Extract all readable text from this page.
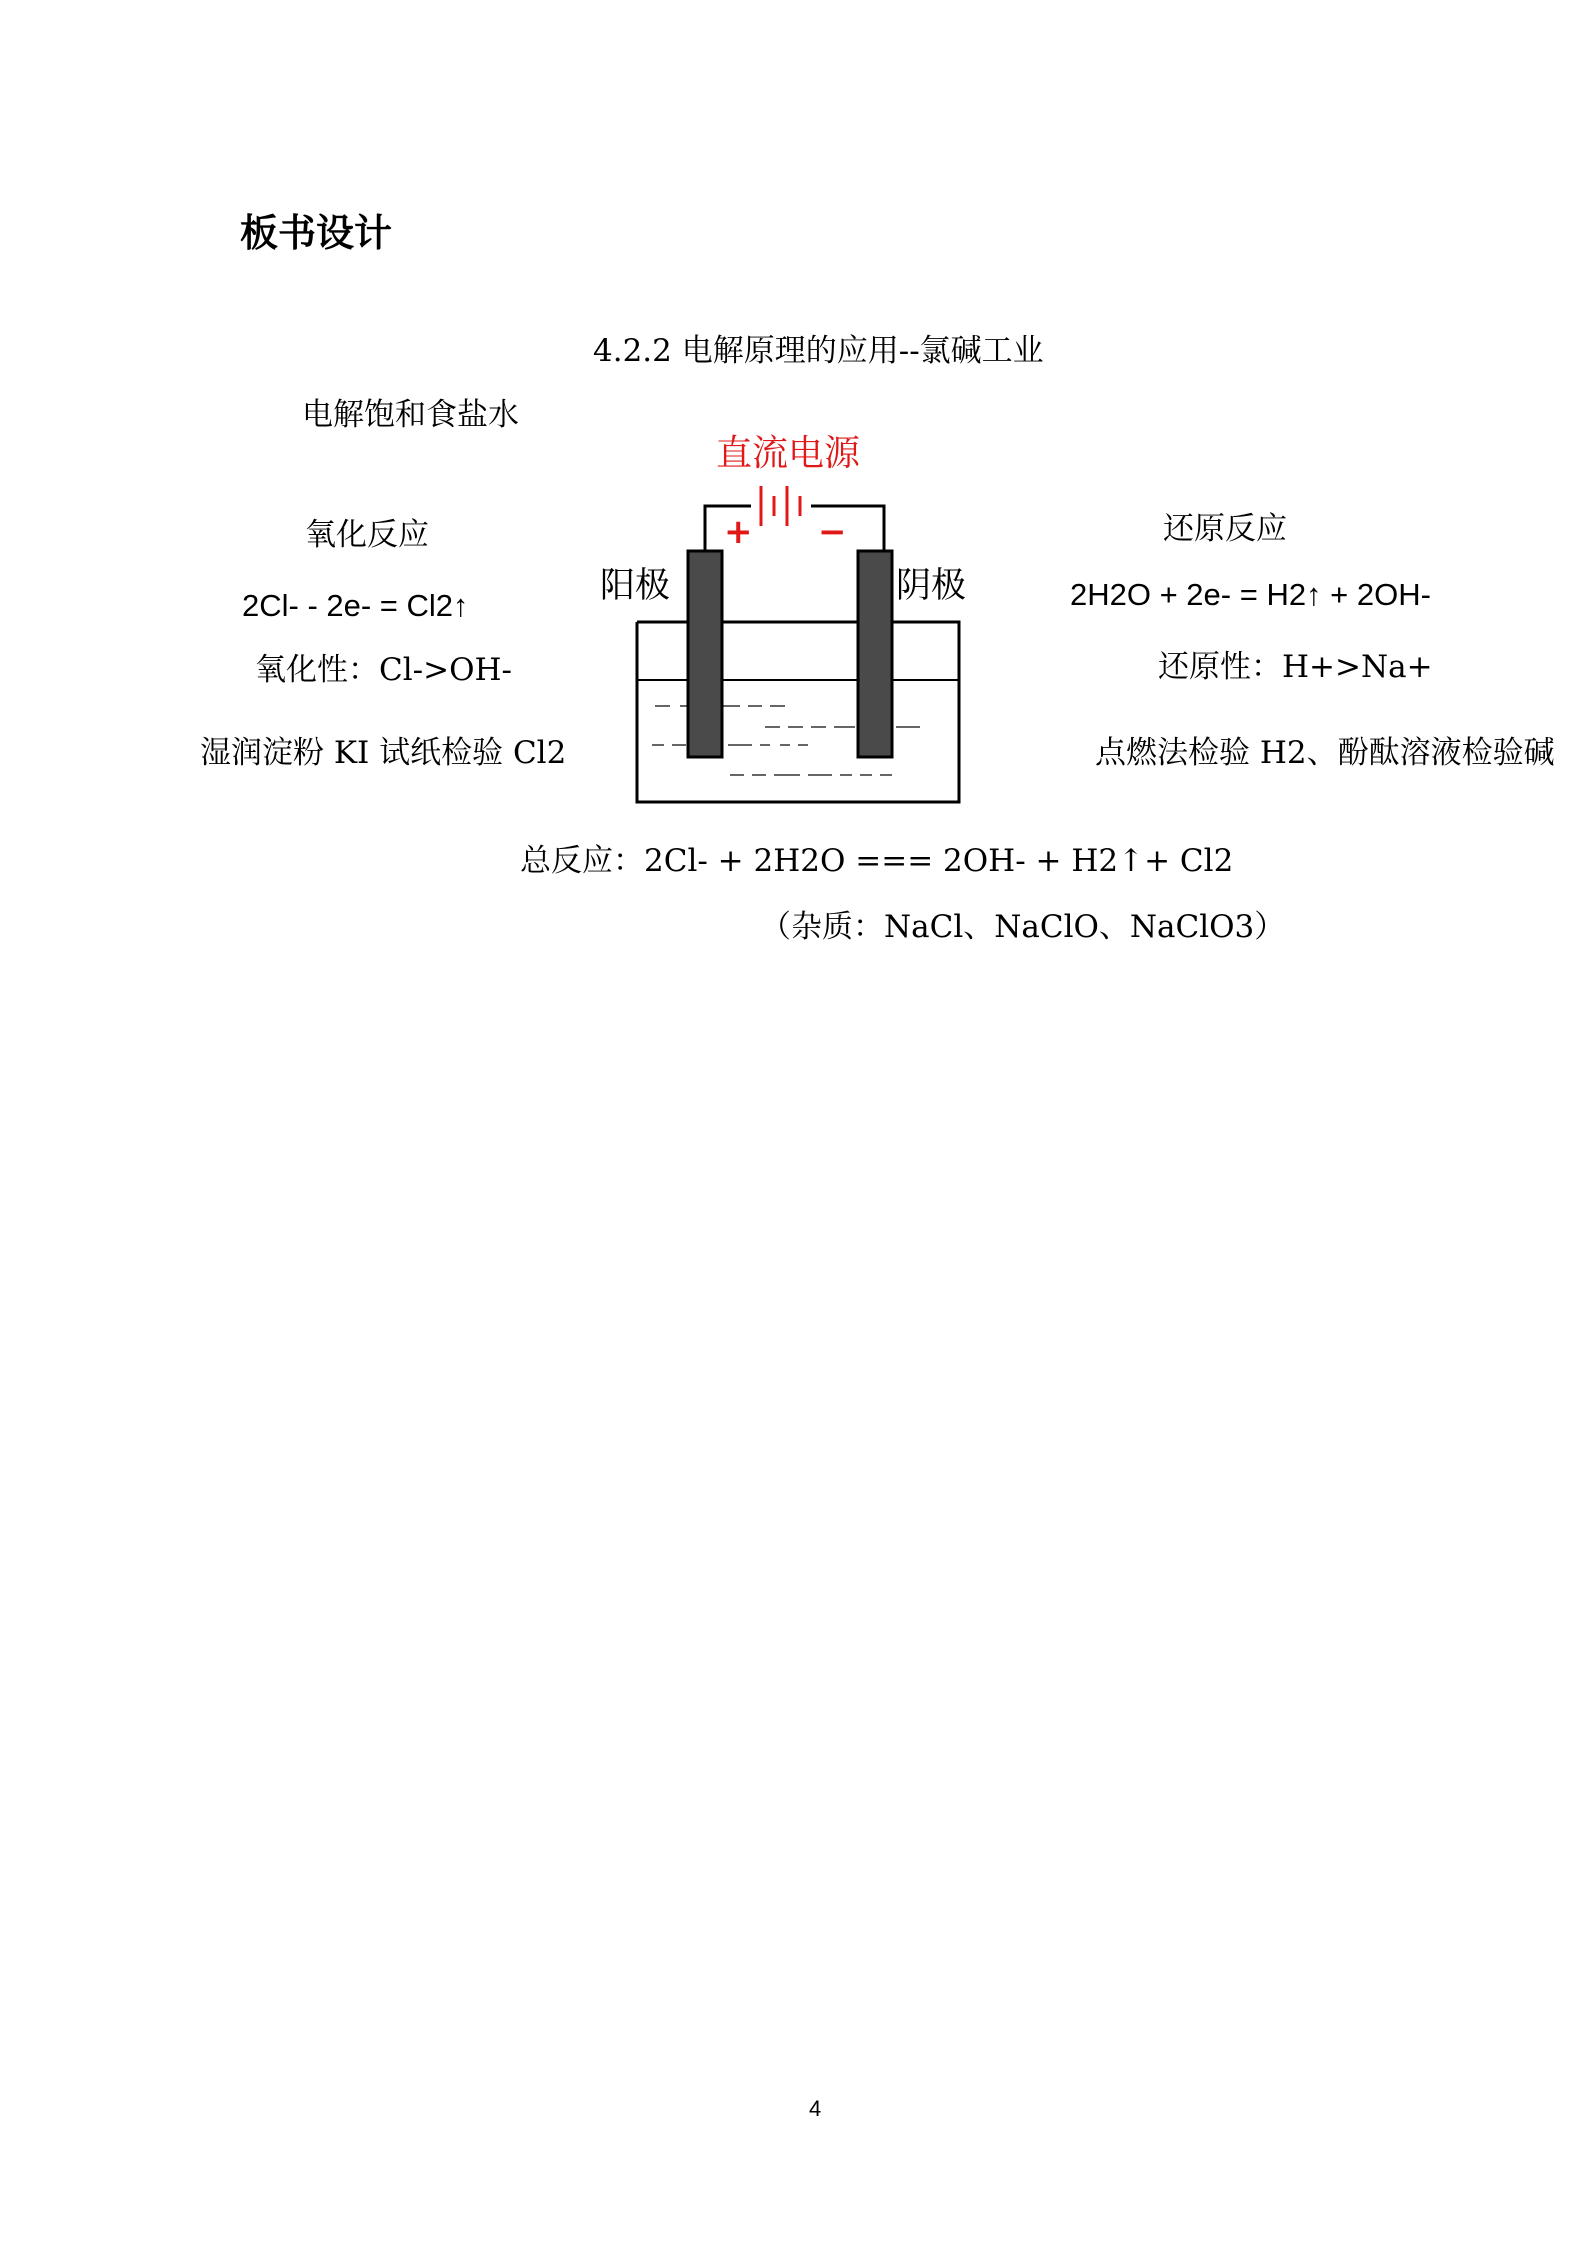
板书设计
4.2.2 电解原理的应用--氯碱工业
电解饱和食盐水
氧化反应
2Cl- - 2e- = Cl2↑
氧化性：Cl->OH-
湿润淀粉 KI 试纸检验 Cl2
还原反应
2H2O + 2e- = H2↑ + 2OH-
还原性：H+>Na+
点燃法检验 H2、酚酞溶液检验碱
直流电源
+ −
阳极	阴极
总反应：2Cl- + 2H2O === 2OH- + H2↑+ Cl2
（杂质：NaCl、NaClO、NaClO3）
4
